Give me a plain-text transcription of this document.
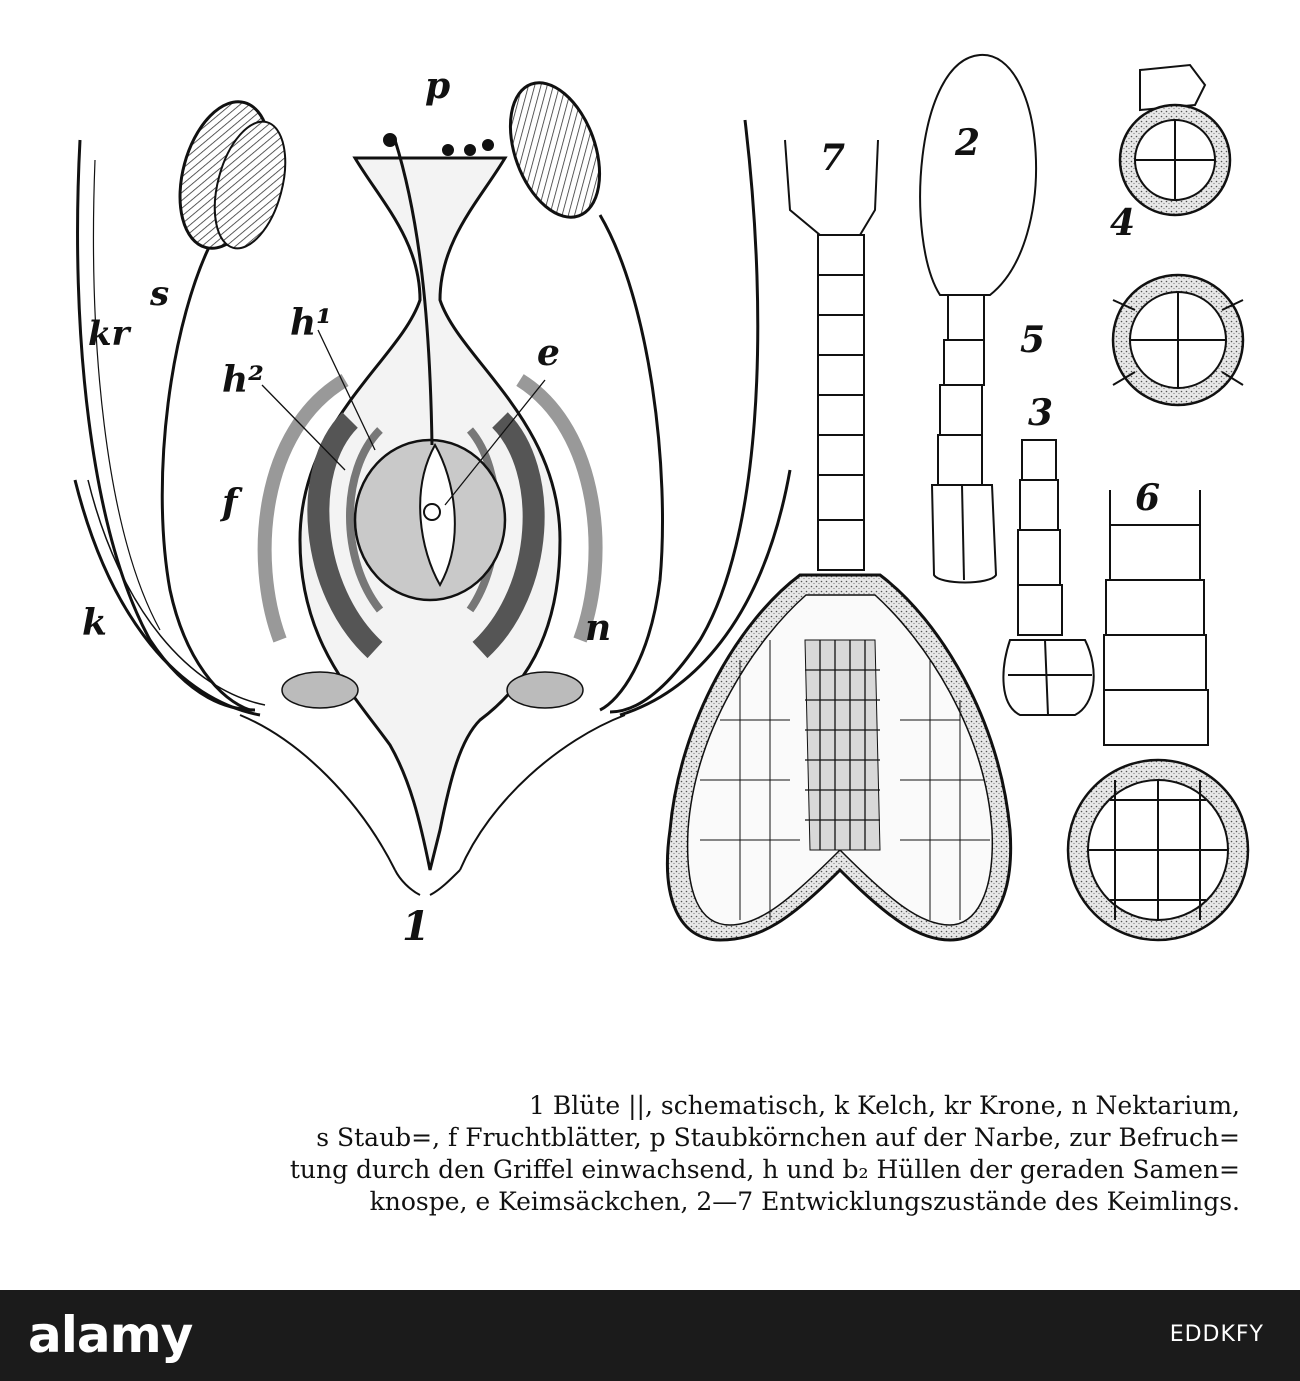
p
s
kr	h¹
h²
e
f
k	n
1
7	2
3
4
5
6
1 Blüte ||, schematisch, k Kelch, kr Krone, n Nektarium,
s Staub=, f Fruchtblätter, p Staubkörnchen auf der Narbe, zur Befruch=
tung durch den Griffel einwachsend, h und b₂ Hüllen der geraden Samen=
knospe, e Keimsäckchen, 2—7 Entwicklungszustände des Keimlings.
alamy	EDDKFY
